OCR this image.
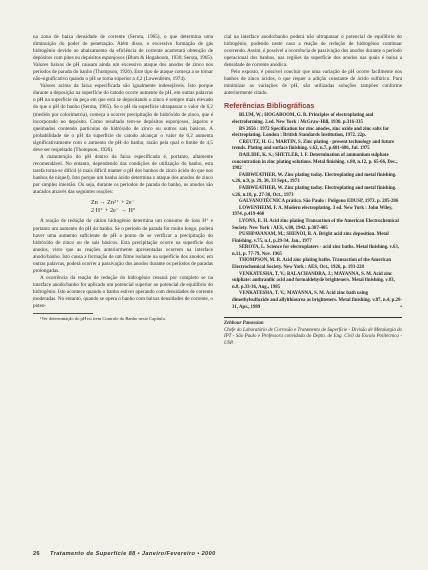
na zona de baixa densidade de corrente (Serota, 1965), o que determina uma diminuição do poder de penetração. Além disso, o excessivo formação de gás hidrogênio devido ao abaixamento da eficiência de corrente acarretará obtenção de depósitos com pites ou depósitos esponjosos (Blum & Hogaboom, 1930; Serota, 1965). Valores baixos de pH causam ainda um excessivo ataque dos anodos de zinco nos períodos de parada do banho (Thompson, 1926). Este tipo de ataque começa a se tornar não-significativo quando o pH se torna superior a 4,2 (Lowenheim, 1974).

Valores acima da faixa especificada são igualmente indesejáveis. Isto porque durante a deposição na superfície do catodo ocorre aumento de pH, em outras palavras o pH na superfície da peça em que está se depositando o zinco é sempre mais elevado do que o pH do banho (Serota, 1965). Se o pH da superfície ultrapassar o valor de 6,2 (medido por colorimetria), começa a ocorrer precipitação de hidróxido de zinco, que é incorporado no depósito. Como resultado tem-se depósitos esponjosos, ásperos e queimados contendo partículas de hidróxido de zinco ou outros sais básicos. A probabilidade de o pH da superfície do catodo alcançar o valor de 6,2 aumenta significativamente com o aumento do pH do banho, razão pela qual o limite de 4,5 deve ser respeitado (Thompson, 1926).

A manutenção do pH dentro da faixa especificada é, portanto, altamente recomendável. No entanto, dependendo das condições de utilização do banho, esta tarefa torna-se difícil (é mais difícil manter o pH dos banhos de zinco ácido do que nos banhos de níquel). Isto porque um banho ácido determina o ataque dos anodos de zinco por simples imersão. Ou seja, durante os períodos de parada do banho, os anodos são atacados através das seguintes reações:

Zn → Zn²⁺ + 2e⁻
2 H⁺ + 2e⁻ → H°

A reação de redução do cátion hidrogênio determina um consumo de íons H⁺ e portanto um aumento do pH do banho. Se o período de parada for muito longo, poderá haver uma aumento suficiente de pH a ponto de se verificar a precipitação do hidróxido de zinco ou de sais básicos. Esta precipitação ocorre na superfície dos anodos, visto que as reações anteriormente apresentadas ocorrem na interface anodo/banho. Isto causa a formação de um filme isolante na superfície dos anodos: em outras palavras, poderá ocorrer a passivação dos anodos durante os períodos de paradas prolongadas.

A ocorrência da reação de redução do hidrogênio cessará por completo se na interface anodo/banho for aplicado um potencial superior ao potencial de equilíbrio do hidrogênio. Isto acontece quando o banho estiver operando com densidades de corrente moderadas. No entanto, quando se opera o banho com baixas densidades de corrente, o poten-

¹Ver determinação do pH no item Controle do Banho neste Capítulo.

cial na interface anodo/banho poderá não ultrapassar o potencial de equilíbrio do hidrogênio, podendo neste caso a reação de redução de hidrogênio continuar ocorrendo. Assim, é possível a ocorrência de passivação dos anodos durante o período operacional dos banhos, nas regiões da superfície dos anodos nas quais é baixa a densidade de corrente anódica.

Pelo exposto, é possível concluir que uma variação de pH ocorre facilmente nos banhos de zinco ácidos, o que requer a adição constante de ácido sulfúrico. Para minimizar as variações de pH, são utilizadas soluções tampões conforme anteriormente citado.

Referências Bibliográficas

BLUM, W.; HOGABOOM, G. B. Principles of electroplating and electroforming. 2.ed. New York : McGraw-Hill, 1930. p.316-335

BS 2656 : 1972 Specification for zinc anodes, zinc oxide and zinc salts for electroplating. London : British Standards Institution, 1972. 22p.

CREUTZ, H. G.; MARTIN, S. Zinc plating - present technology and future trends. Plating and surface finishing. v.62, n.7, p.681-686, Jul. 1975

DAILIDE, K. S.; SHETLER, I. F. Determination of ammonium sulphate concentration in zinc plating solutions. Metal finishing. v.80, n.12, p. 65-66, Dec., 1982

FAIRWEATHER, W. Zinc plating today. Electroplating and metal finishing. v.26, n.9, p. 29, 30, 33 Sept., 1973

FAIRWEATHER, W. Zinc plating today. Electroplating and metal finishing. v.26, n.10, p. 27-30, Oct., 1973

GALVANOTÉCNICA prática. São Paulo : Polígono EDUSP, 1973. p. 285-286

LOWENHEIM, F. A. Modern electroplating. 3 ed. New York : John Wiley, 1974. p.419-460

LYONS, E. H. Acid zinc plating Transaction of the American Electrochemical Society. New York : AES, v.80, 1942. p.387-405

PUSHPAVANAM, M.; SHENOI, B. A. Bright acid zinc deposition. Metal Finishing. v.75, n.1, p.29-34, Jan., 1977

SEROTA, L. Science for electroplaters - acid zinc baths. Metal finishing. v.63, n.11, p. 77-79, Nov. 1965

THOMPSON, M. R. Acid zinc plating baths. Transaction of the American Electrochemical Society. New York : AES, Oct., 1926, p. 193-228

VENKATESHA, T. V.; BALACHANDRA, J.; MAYANNA, S. M. Acid zinc sulphate: anthranilic acid and formaldehyde brighteners. Metal finishing. v.83, n.8, p.33-36, Aug., 1985

VENKATESHA, T. V.; MAYANNA, S. M. Acid zinc bath using dimethylsulfoxide and allylthiourea as brighteners. Metal finishing. v.87, n.4, p.28-31, Apr., 1989	•

Zehbour Panossian
Chefe do Laboratório de Corrosão e Tratamento de Superfície - Divisão de Metalurgia do IPT - São Paulo e Professora convidada do Depto. de Eng. Civil da Escola Politécnica - USP.
26 Tratamento de Superfície 88 • Janeiro/Fevereiro • 2000
